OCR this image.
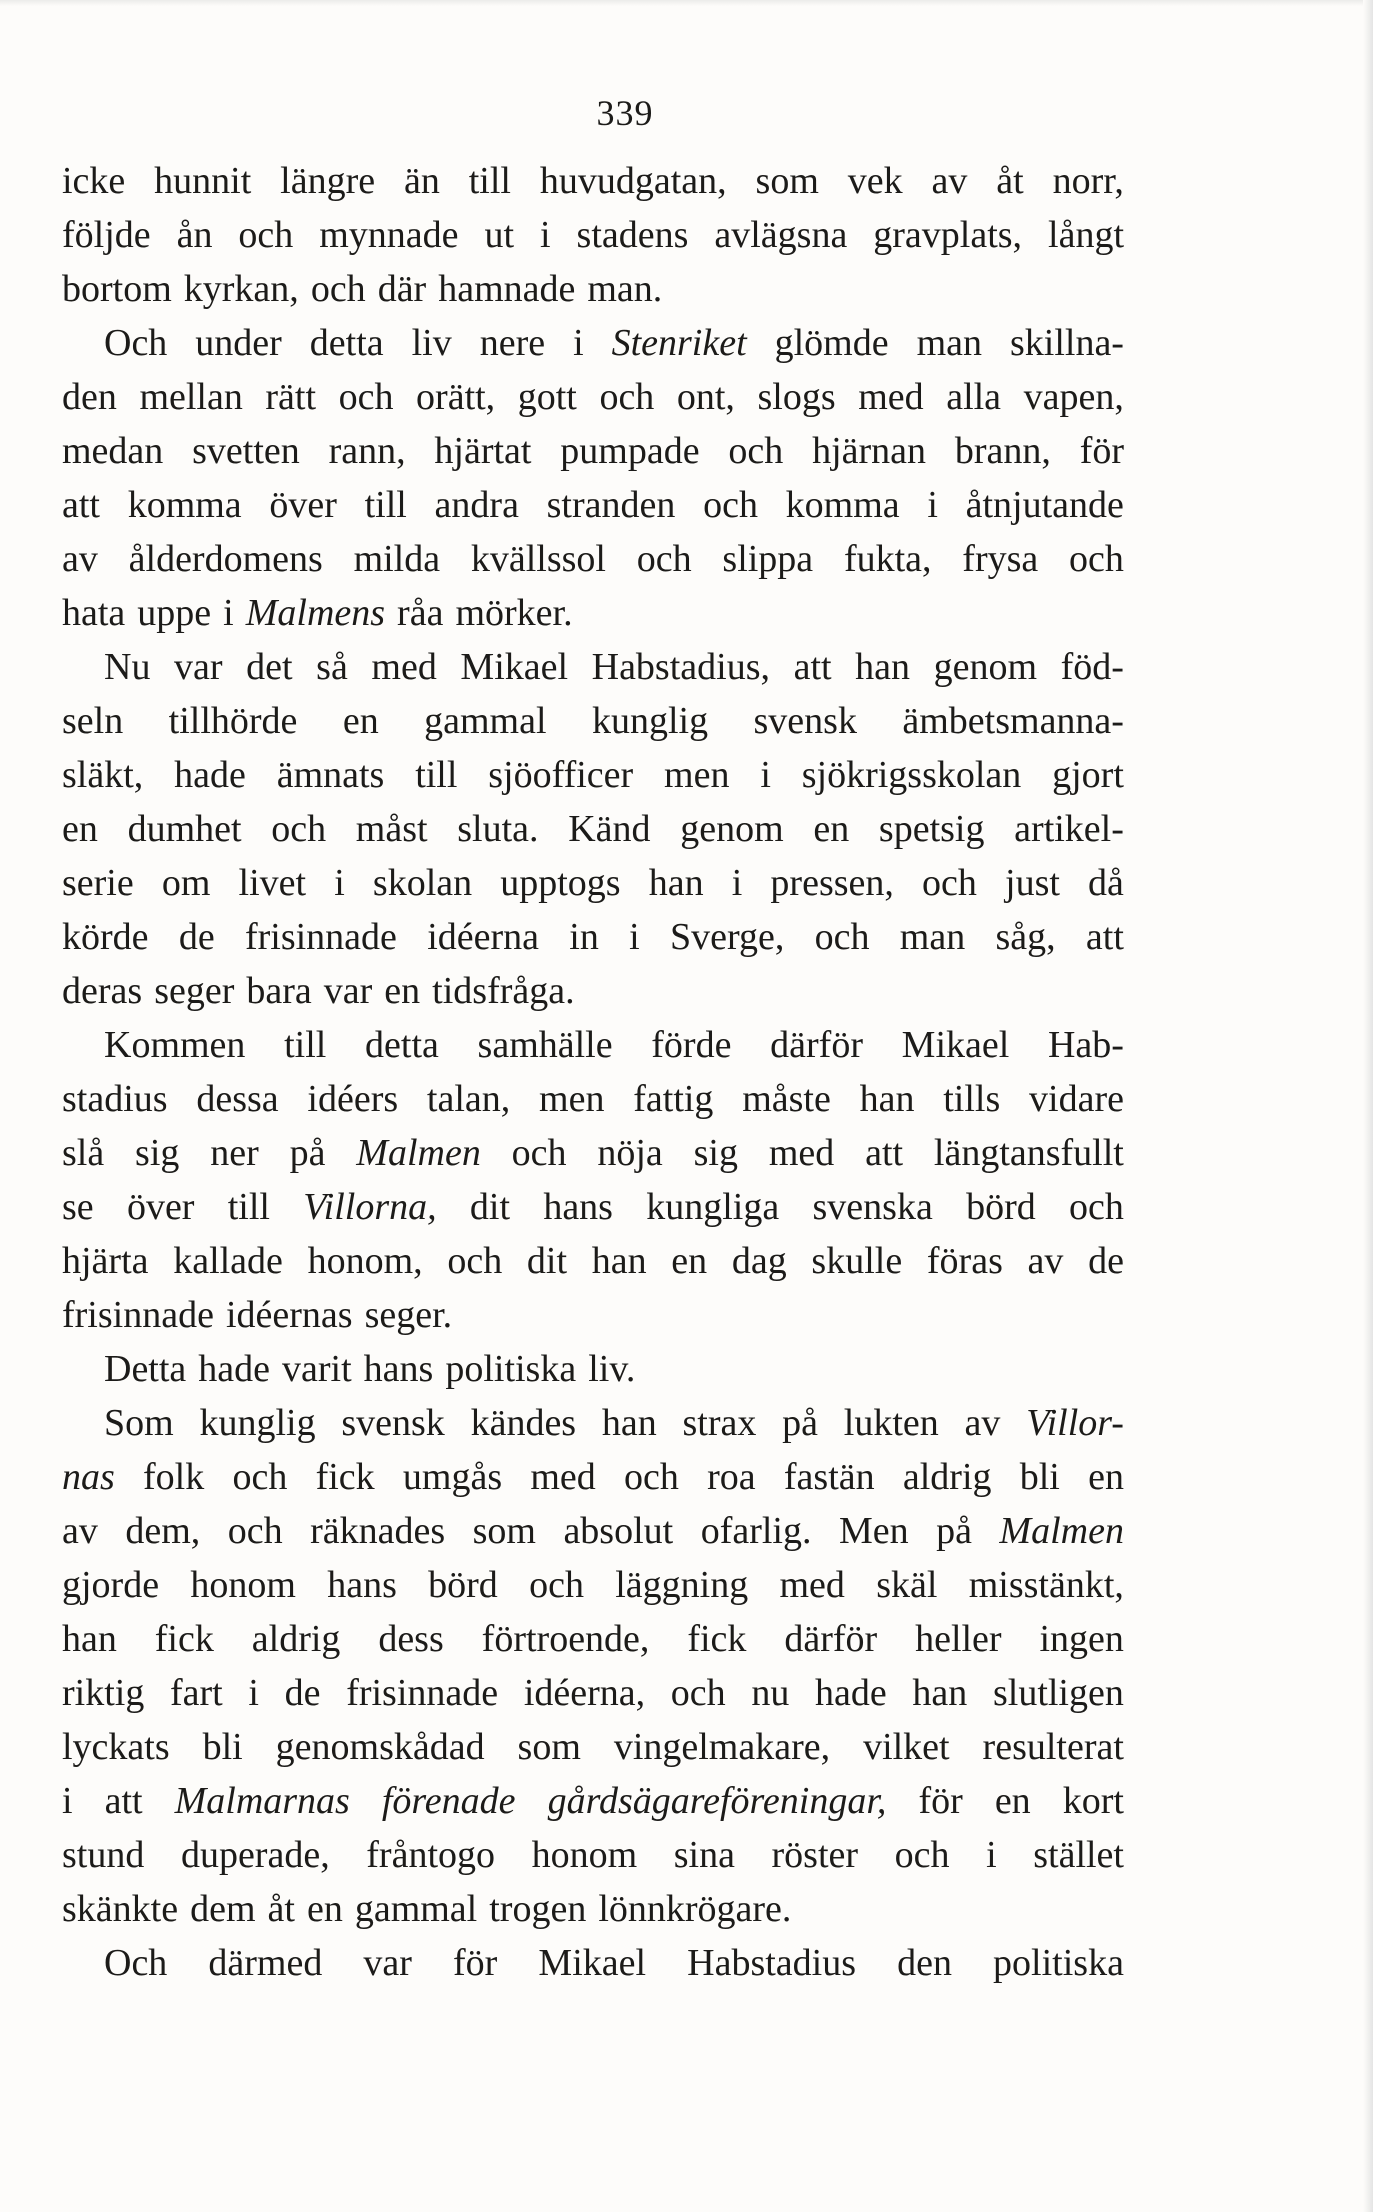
339
icke hunnit längre än till huvudgatan, som vek av åt norr,
följde ån och mynnade ut i stadens avlägsna gravplats, långt
bortom kyrkan, och där hamnade man.
Och under detta liv nere i Stenriket glömde man skillna-
den mellan rätt och orätt, gott och ont, slogs med alla vapen,
medan svetten rann, hjärtat pumpade och hjärnan brann, för
att komma över till andra stranden och komma i åtnjutande
av ålderdomens milda kvällssol och slippa fukta, frysa och
hata uppe i Malmens råa mörker.
Nu var det så med Mikael Habstadius, att han genom föd-
seln tillhörde en gammal kunglig svensk ämbetsmanna-
släkt, hade ämnats till sjöofficer men i sjökrigsskolan gjort
en dumhet och måst sluta. Känd genom en spetsig artikel-
serie om livet i skolan upptogs han i pressen, och just då
körde de frisinnade idéerna in i Sverge, och man såg, att
deras seger bara var en tidsfråga.
Kommen till detta samhälle förde därför Mikael Hab-
stadius dessa idéers talan, men fattig måste han tills vidare
slå sig ner på Malmen och nöja sig med att längtansfullt
se över till Villorna, dit hans kungliga svenska börd och
hjärta kallade honom, och dit han en dag skulle föras av de
frisinnade idéernas seger.
Detta hade varit hans politiska liv.
Som kunglig svensk kändes han strax på lukten av Villor-
nas folk och fick umgås med och roa fastän aldrig bli en
av dem, och räknades som absolut ofarlig. Men på Malmen
gjorde honom hans börd och läggning med skäl misstänkt,
han fick aldrig dess förtroende, fick därför heller ingen
riktig fart i de frisinnade idéerna, och nu hade han slutligen
lyckats bli genomskådad som vingelmakare, vilket resulterat
i att Malmarnas förenade gårdsägareföreningar, för en kort
stund duperade, fråntogo honom sina röster och i stället
skänkte dem åt en gammal trogen lönnkrögare.
Och därmed var för Mikael Habstadius den politiska
